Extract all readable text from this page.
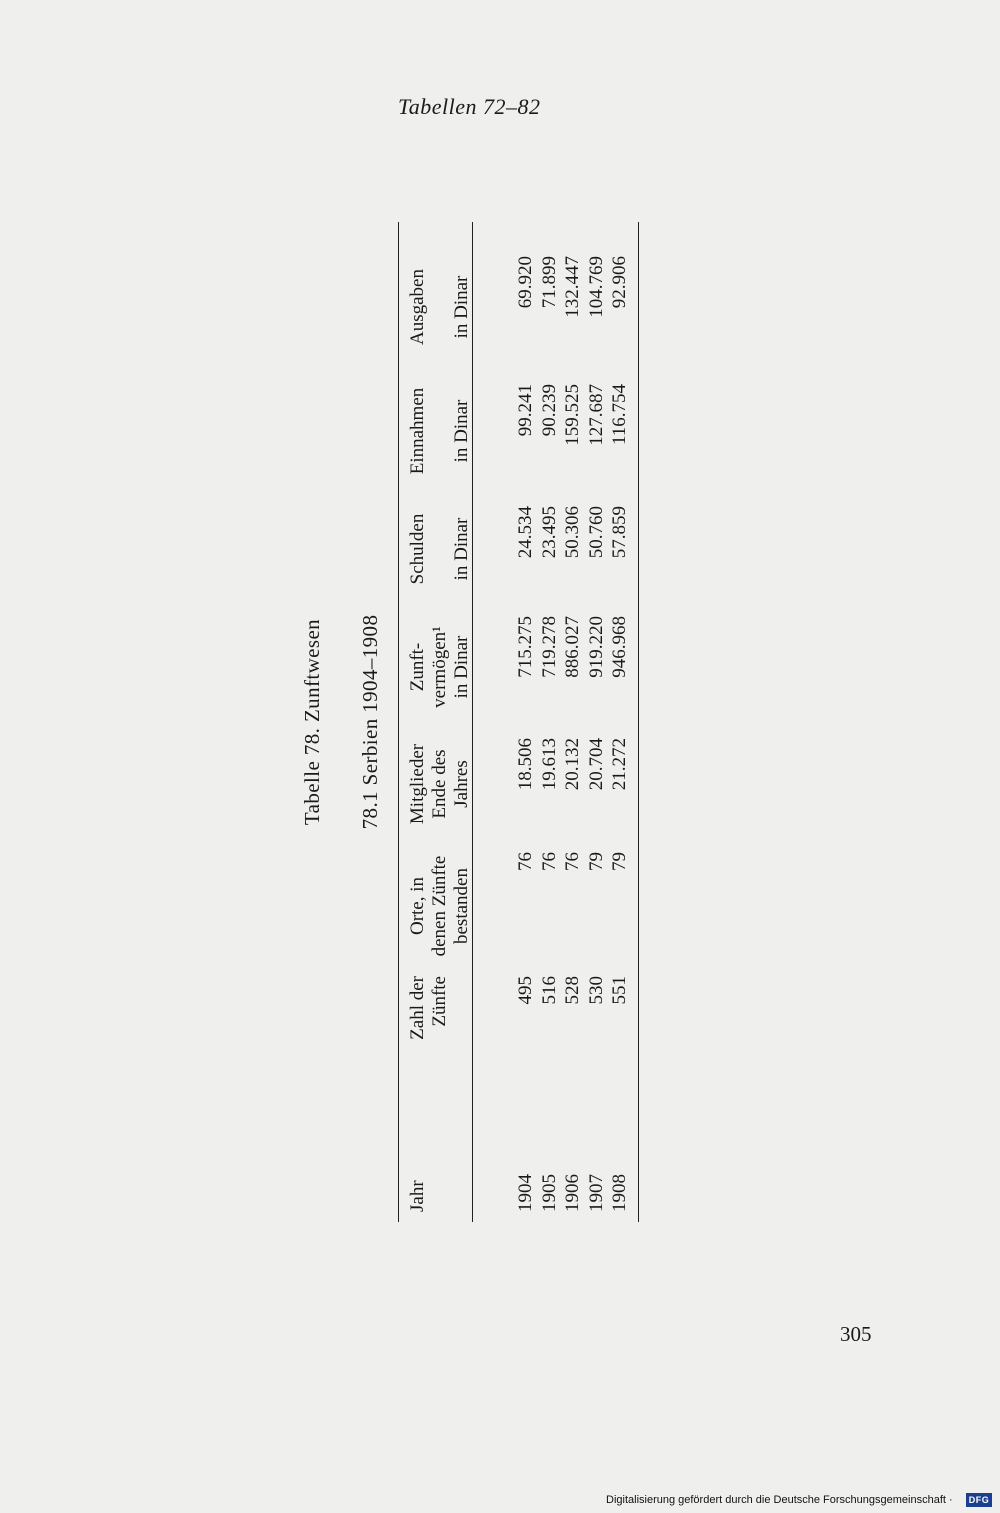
Tabellen 72–82
Tabelle 78. Zunftwesen 78.1 Serbien 1904–1908
Jahr
Zahl der Zünfte
Orte, in denen Zünfte bestanden
Mitglieder Ende des Jahres
Zunft- vermögen¹ in Dinar
Schulden
Einnahmen
Ausgaben
in Dinar
in Dinar
in Dinar
1904 1905 1906 1907 1908
495 516 528 530 551
76 76 76 79 79
18.506 19.613 20.132 20.704 21.272
715.275 719.278 886.027 919.220 946.968
24.534 23.495 50.306 50.760 57.859
99.241 90.239 159.525 127.687 116.754
69.920 71.899 132.447 104.769 92.906
305
Digitalisierung gefördert durch die Deutsche Forschungsgemeinschaft ·	DFG
